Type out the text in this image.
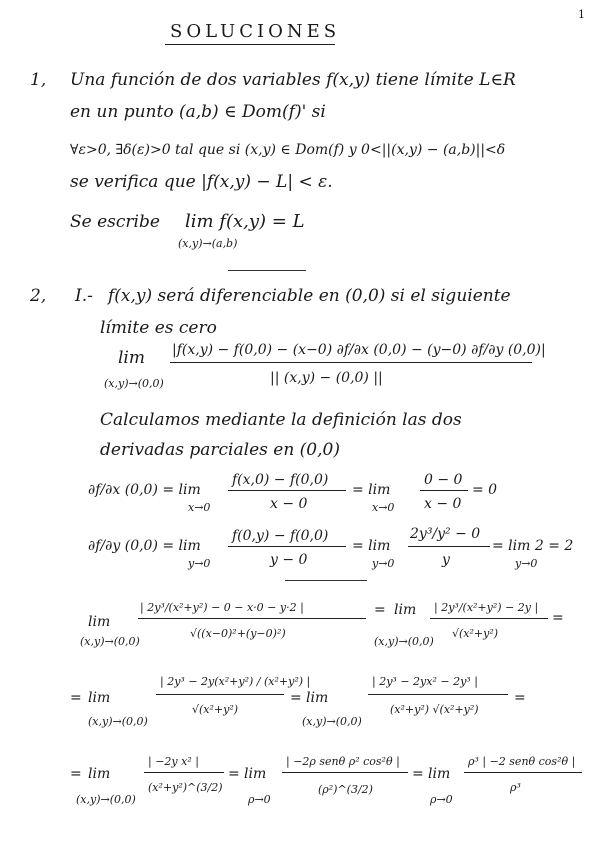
1
SOLUCIONES
1, Una función de dos variables f(x,y) tiene límite L∈R
en un punto (a,b) ∈ Dom(f)' si
∀ε>0, ∃δ(ε)>0 tal que si (x,y) ∈ Dom(f) y 0<||(x,y) − (a,b)||<δ
se verifica que |f(x,y) − L| < ε.
Se escribe lim f(x,y) = L
(x,y)→(a,b)
2, I.- f(x,y) será diferenciable en (0,0) si el siguiente
límite es cero
lim
(x,y)→(0,0)
|f(x,y) − f(0,0) − (x−0) ∂f/∂x (0,0) − (y−0) ∂f/∂y (0,0)|
|| (x,y) − (0,0) ||
Calculamos mediante la definición las dos
derivadas parciales en (0,0)
∂f/∂x (0,0) = lim
x→0
f(x,0) − f(0,0)
x − 0
= lim
x→0
0 − 0
x − 0
= 0
∂f/∂y (0,0) = lim
y→0
f(0,y) − f(0,0)
y − 0
= lim
y→0
2y³/y² − 0
y
= lim 2 = 2
y→0
lim
(x,y)→(0,0)
| 2y³/(x²+y²) − 0 − x·0 − y·2 |
√((x−0)²+(y−0)²)
= lim
(x,y)→(0,0)
| 2y³/(x²+y²) − 2y |
√(x²+y²)
=
= lim
(x,y)→(0,0)
| 2y³ − 2y(x²+y²) / (x²+y²) |
√(x²+y²)
= lim
(x,y)→(0,0)
| 2y³ − 2yx² − 2y³ |
(x²+y²) √(x²+y²)
=
= lim
(x,y)→(0,0)
| −2y x² |
(x²+y²)^(3/2)
= lim
ρ→0
| −2ρ senθ ρ² cos²θ |
(ρ²)^(3/2)
= lim
ρ→0
ρ³ | −2 senθ cos²θ |
ρ³
